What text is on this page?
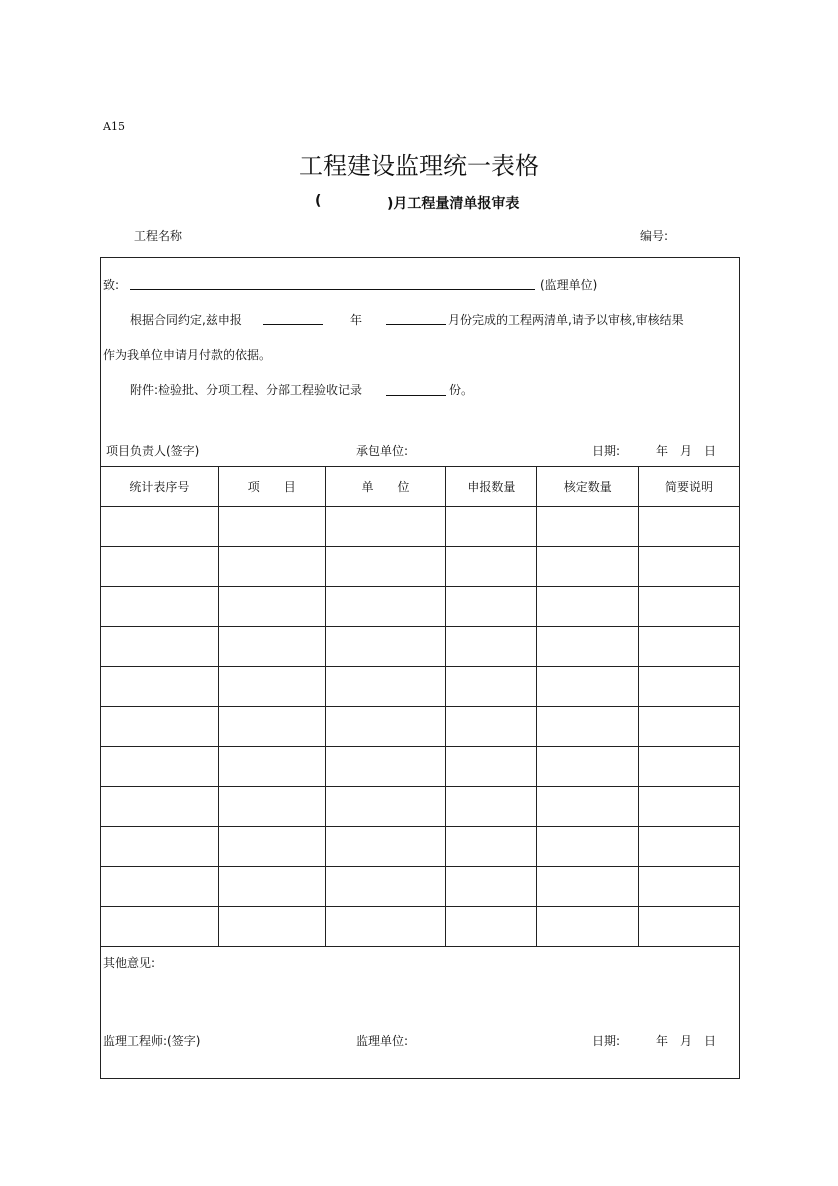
A15
工程建设监理统一表格
(	)月工程量清单报审表
工程名称	编号:
致:	(监理单位)
根据合同约定,兹申报	年	月份完成的工程两清单,请予以审核,审核结果
作为我单位申请月付款的依据。
附件:检验批、分项工程、分部工程验收记录	份。
项目负责人(签字)	承包单位:	日期:	年　月　日
统计表序号	项　　目	单　　位	申报数量	核定数量	简要说明

其他意见:
监理工程师:(签字)	监理单位:	日期:	年　月　日
